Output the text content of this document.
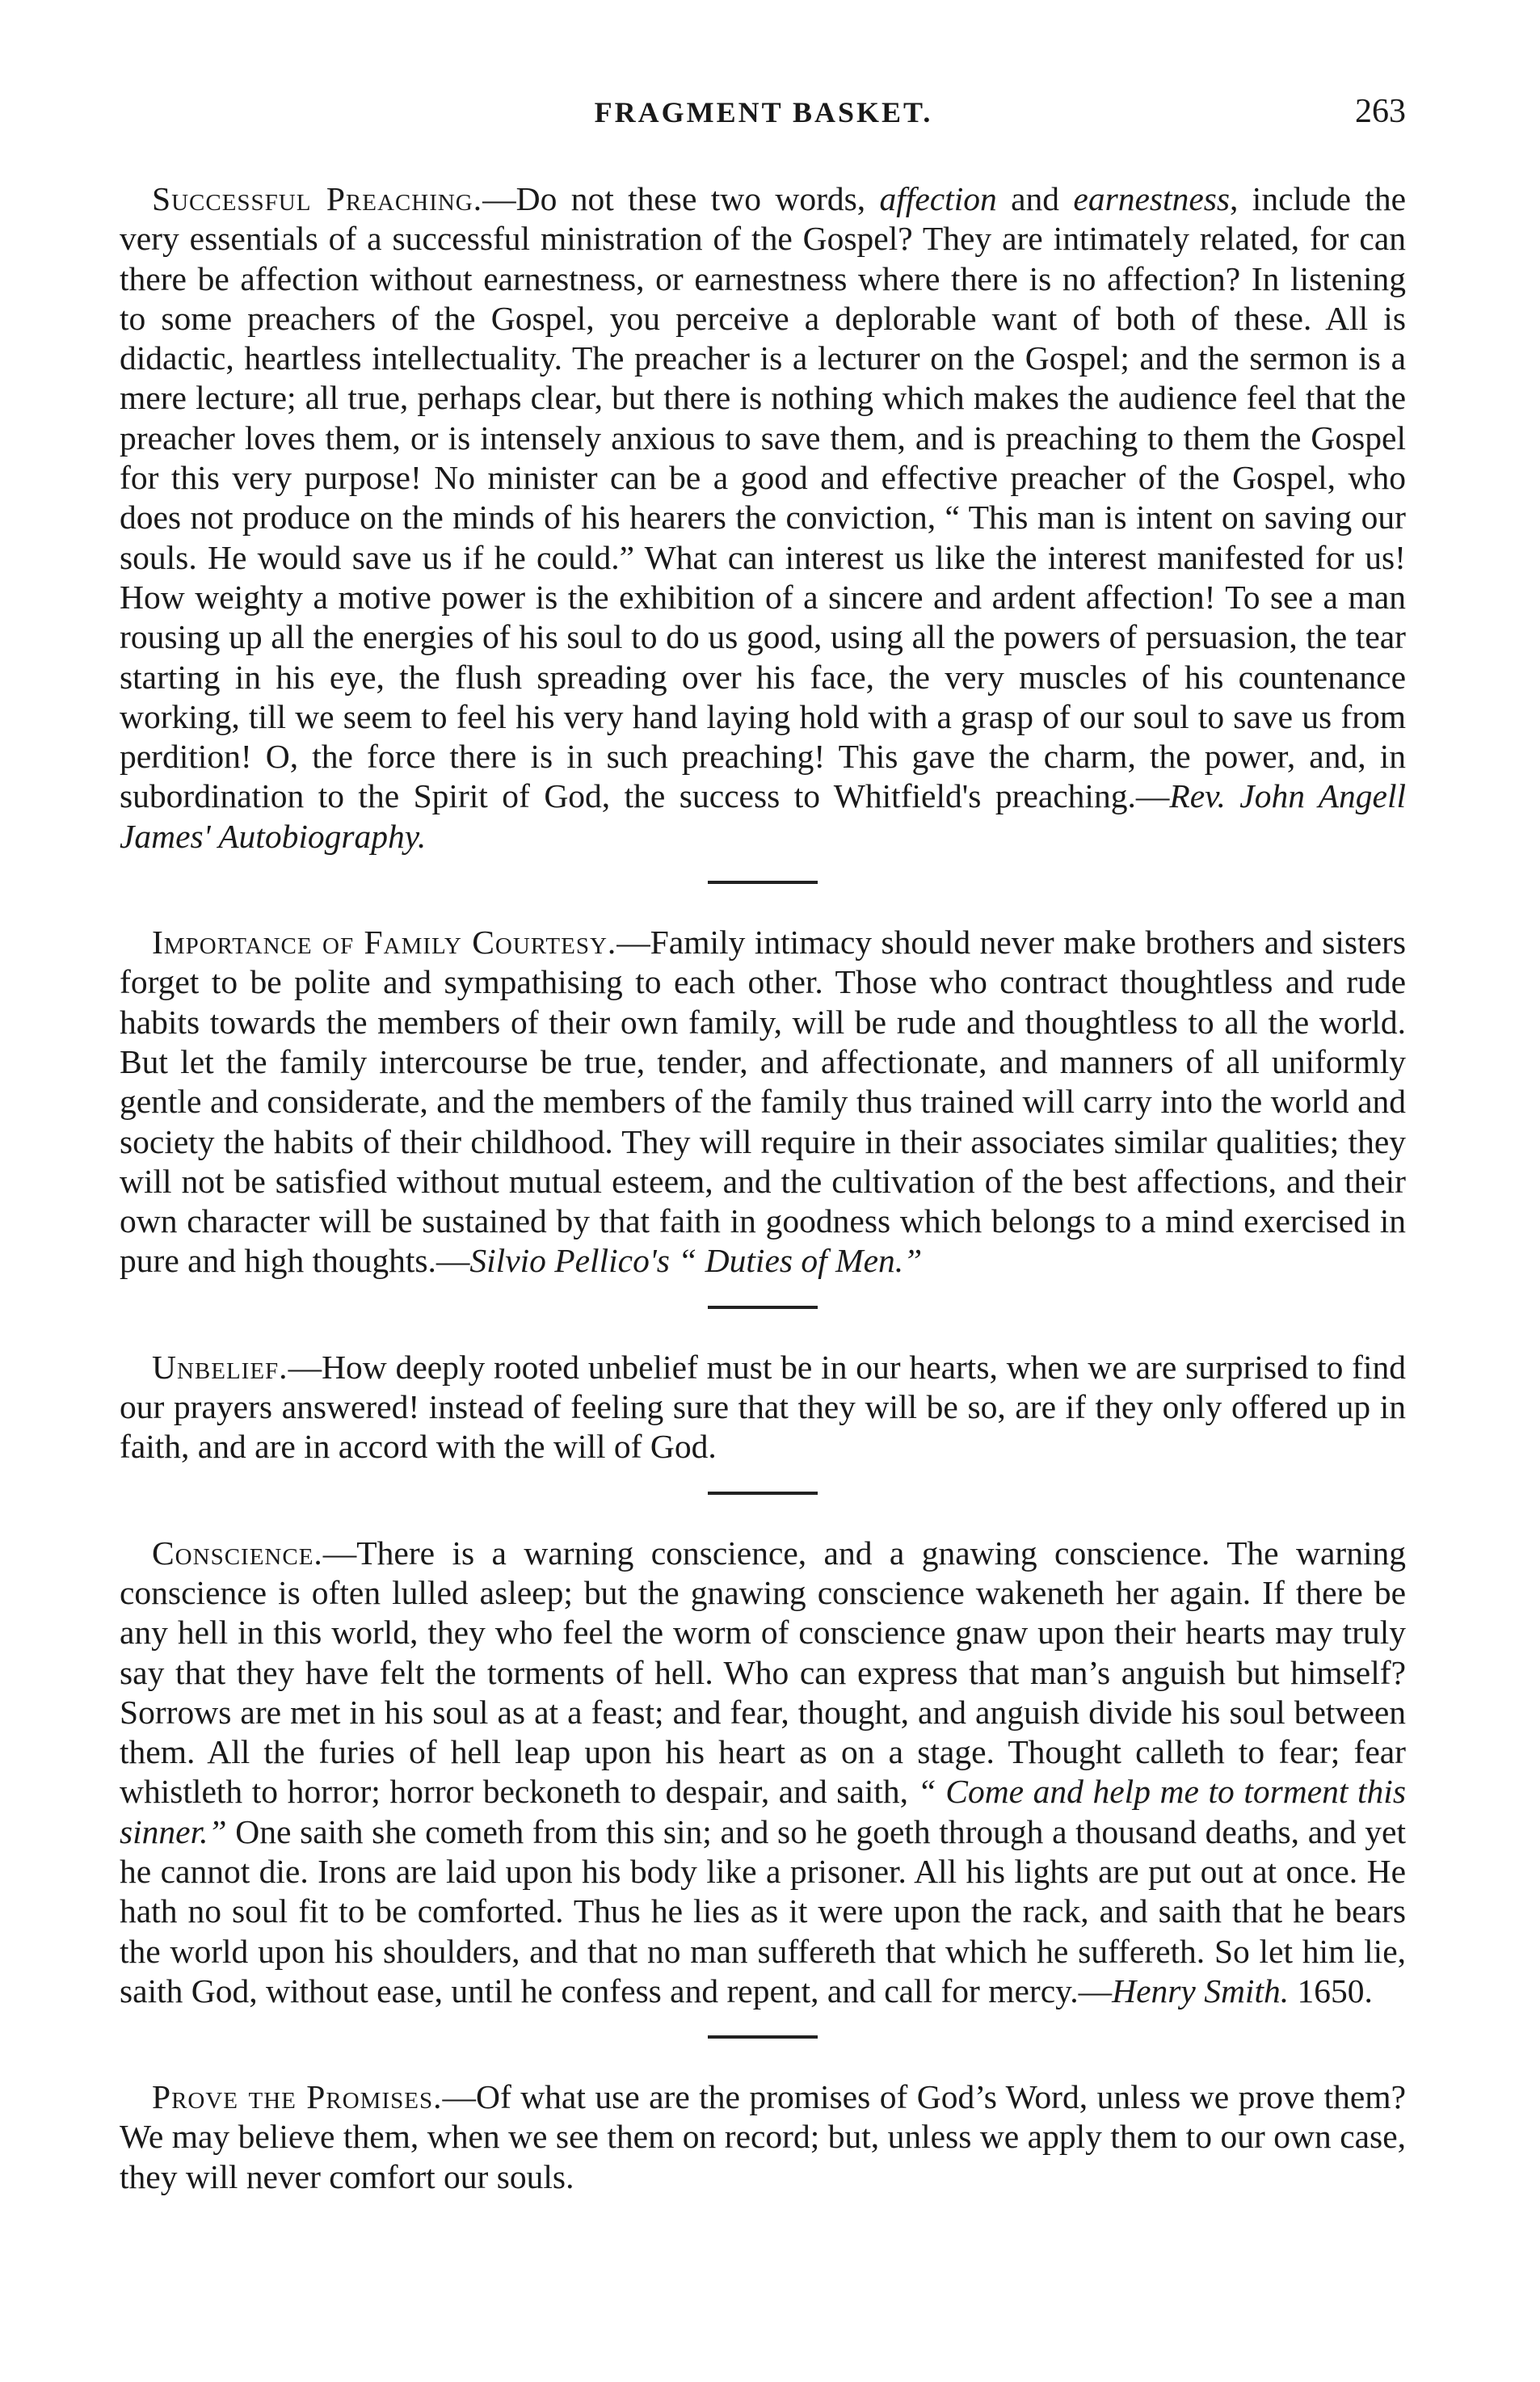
FRAGMENT BASKET.	263

Successful Preaching.—Do not these two words, affection and earnestness, include the very essentials of a successful ministration of the Gospel? They are intimately related, for can there be affection without earnestness, or earnestness where there is no affection? In listening to some preachers of the Gospel, you perceive a deplorable want of both of these. All is didactic, heartless intellectuality. The preacher is a lecturer on the Gospel; and the sermon is a mere lecture; all true, perhaps clear, but there is nothing which makes the audience feel that the preacher loves them, or is intensely anxious to save them, and is preaching to them the Gospel for this very purpose! No minister can be a good and effective preacher of the Gospel, who does not produce on the minds of his hearers the conviction, “ This man is intent on saving our souls. He would save us if he could.” What can interest us like the interest manifested for us! How weighty a motive power is the exhibition of a sincere and ardent affection! To see a man rousing up all the energies of his soul to do us good, using all the powers of persuasion, the tear starting in his eye, the flush spreading over his face, the very muscles of his countenance working, till we seem to feel his very hand laying hold with a grasp of our soul to save us from perdition! O, the force there is in such preaching! This gave the charm, the power, and, in subordination to the Spirit of God, the success to Whitfield's preaching.—Rev. John Angell James' Autobiography.

Importance of Family Courtesy.—Family intimacy should never make brothers and sisters forget to be polite and sympathising to each other. Those who contract thoughtless and rude habits towards the members of their own family, will be rude and thoughtless to all the world. But let the family intercourse be true, tender, and affectionate, and manners of all uniformly gentle and considerate, and the members of the family thus trained will carry into the world and society the habits of their childhood. They will require in their associates similar qualities; they will not be satisfied without mutual esteem, and the cultivation of the best affections, and their own character will be sustained by that faith in goodness which belongs to a mind exercised in pure and high thoughts.—Silvio Pellico's “ Duties of Men.”

Unbelief.—How deeply rooted unbelief must be in our hearts, when we are surprised to find our prayers answered! instead of feeling sure that they will be so, are if they only offered up in faith, and are in accord with the will of God.

Conscience.—There is a warning conscience, and a gnawing conscience. The warning conscience is often lulled asleep; but the gnawing conscience wakeneth her again. If there be any hell in this world, they who feel the worm of conscience gnaw upon their hearts may truly say that they have felt the torments of hell. Who can express that man’s anguish but himself? Sorrows are met in his soul as at a feast; and fear, thought, and anguish divide his soul between them. All the furies of hell leap upon his heart as on a stage. Thought calleth to fear; fear whistleth to horror; horror beckoneth to despair, and saith, “ Come and help me to torment this sinner.” One saith she cometh from this sin; and so he goeth through a thousand deaths, and yet he cannot die. Irons are laid upon his body like a prisoner. All his lights are put out at once. He hath no soul fit to be comforted. Thus he lies as it were upon the rack, and saith that he bears the world upon his shoulders, and that no man suffereth that which he suffereth. So let him lie, saith God, without ease, until he confess and repent, and call for mercy.—Henry Smith. 1650.

Prove the Promises.—Of what use are the promises of God’s Word, unless we prove them? We may believe them, when we see them on record; but, unless we apply them to our own case, they will never comfort our souls.
